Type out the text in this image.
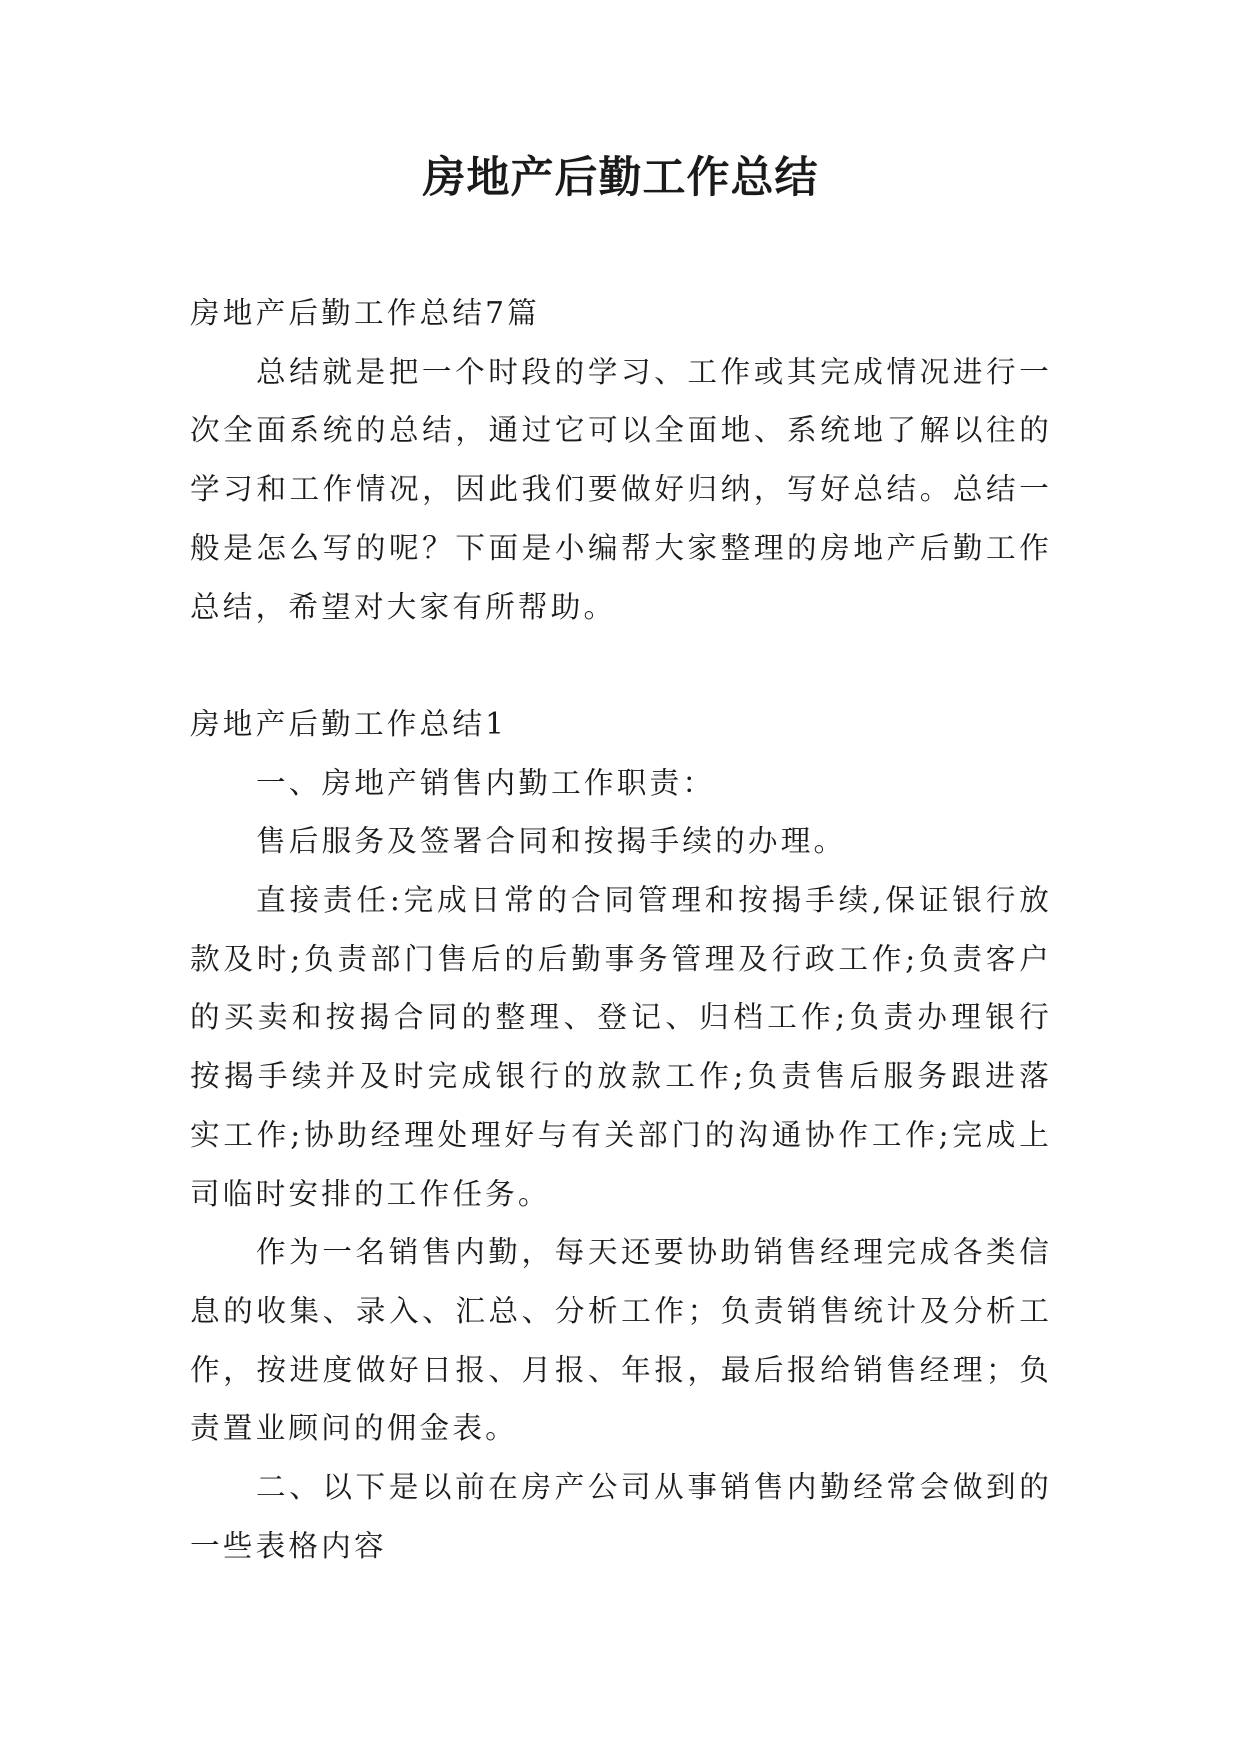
房地产后勤工作总结

房地产后勤工作总结7篇

总结就是把一个时段的学习、工作或其完成情况进行一次全面系统的总结，通过它可以全面地、系统地了解以往的学习和工作情况，因此我们要做好归纳，写好总结。总结一般是怎么写的呢？下面是小编帮大家整理的房地产后勤工作总结，希望对大家有所帮助。

房地产后勤工作总结1

一、房地产销售内勤工作职责：

售后服务及签署合同和按揭手续的办理。

直接责任:完成日常的合同管理和按揭手续,保证银行放款及时;负责部门售后的后勤事务管理及行政工作;负责客户的买卖和按揭合同的整理、登记、归档工作;负责办理银行按揭手续并及时完成银行的放款工作;负责售后服务跟进落实工作;协助经理处理好与有关部门的沟通协作工作;完成上司临时安排的工作任务。

作为一名销售内勤，每天还要协助销售经理完成各类信息的收集、录入、汇总、分析工作；负责销售统计及分析工作，按进度做好日报、月报、年报，最后报给销售经理；负责置业顾问的佣金表。

二、以下是以前在房产公司从事销售内勤经常会做到的一些表格内容
